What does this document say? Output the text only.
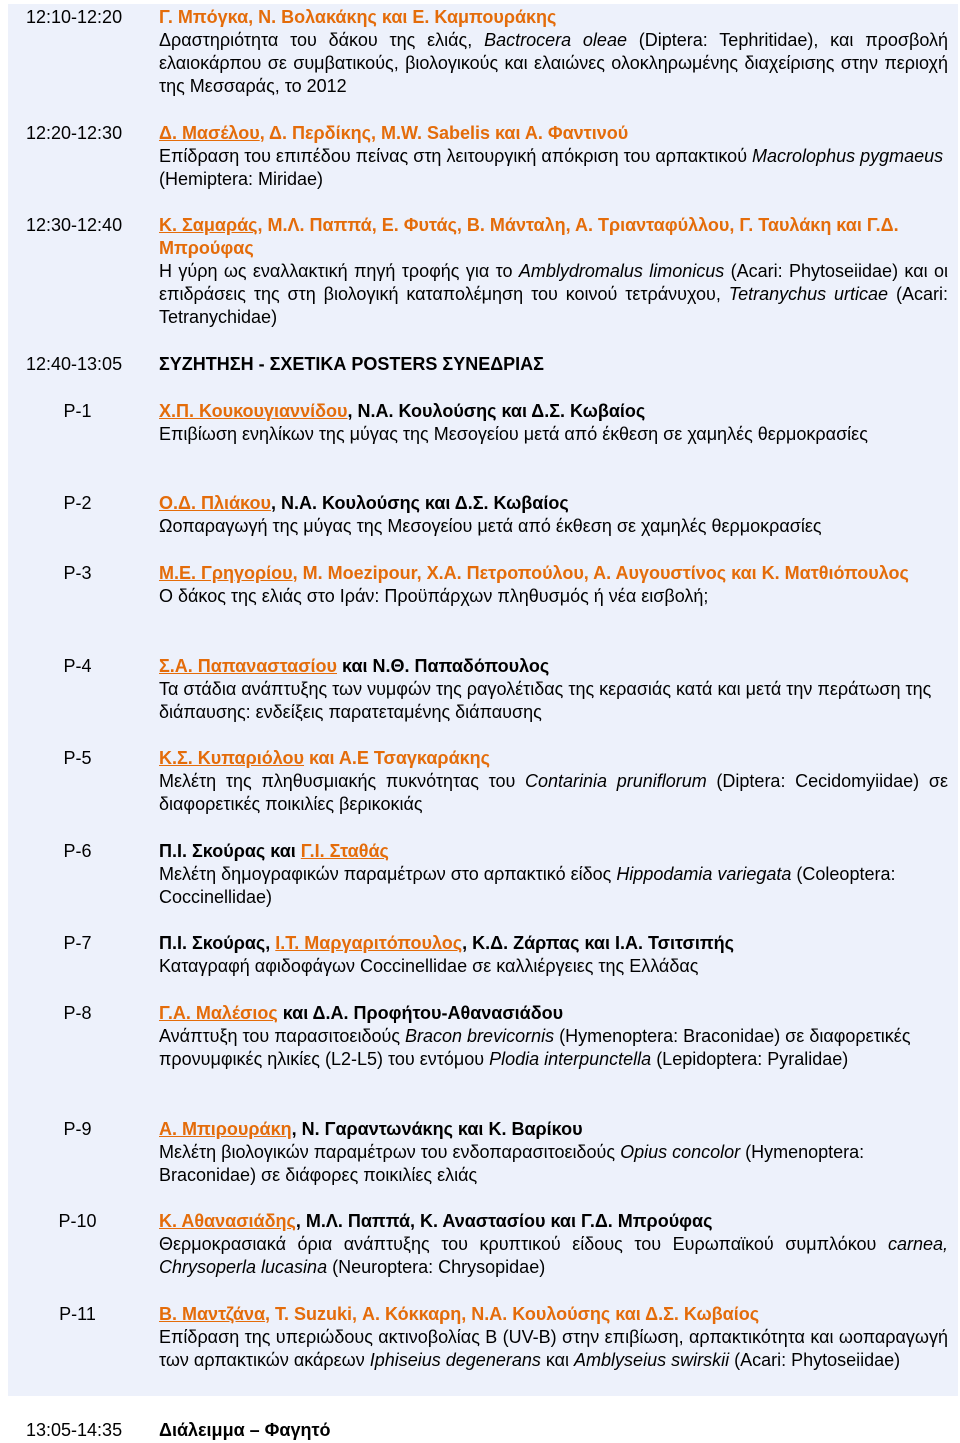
12:10-12:20	Γ. Μπόγκα, Ν. Βολακάκης και Ε. Καμπουράκης
Δραστηριότητα του δάκου της ελιάς, Bactrocera oleae (Diptera: Tephritidae), και προσβολή ελαιοκάρπου σε συμβατικούς, βιολογικούς και ελαιώνες ολοκληρωμένης διαχείρισης στην περιοχή της Μεσσαράς, το 2012
12:20-12:30	Δ. Μασέλου, Δ. Περδίκης, M.W. Sabelis και Α. Φαντινού
Επίδραση του επιπέδου πείνας στη λειτουργική απόκριση του αρπακτικού Macrolophus pygmaeus (Hemiptera: Miridae)
12:30-12:40	Κ. Σαμαράς, Μ.Λ. Παππά, Ε. Φυτάς, Β. Μάνταλη, Α. Τριανταφύλλου, Γ. Ταυλάκη και Γ.Δ. Μπρούφας
Η γύρη ως εναλλακτική πηγή τροφής για το Amblydromalus limonicus (Acari: Phytoseiidae) και οι επιδράσεις της στη βιολογική καταπολέμηση του κοινού τετράνυχου, Tetranychus urticae (Acari: Tetranychidae)
12:40-13:05	ΣΥΖΗΤΗΣΗ - ΣΧΕΤΙΚΑ POSTERS ΣΥΝΕΔΡΙΑΣ
P-1	Χ.Π. Κουκουγιαννίδου, Ν.Α. Κουλούσης και Δ.Σ. Κωβαίος
Επιβίωση ενηλίκων της μύγας της Μεσογείου μετά από έκθεση σε χαμηλές θερμοκρασίες
P-2	Ο.Δ. Πλιάκου, Ν.Α. Κουλούσης και Δ.Σ. Κωβαίος
Ωοπαραγωγή της μύγας της Μεσογείου μετά από έκθεση σε χαμηλές θερμοκρασίες
P-3	Μ.Ε. Γρηγορίου, M. Moezipour, Χ.Α. Πετροπούλου, Α. Αυγουστίνος και Κ. Ματθιόπουλος
Ο δάκος της ελιάς στο Ιράν: Προϋπάρχων πληθυσμός ή νέα εισβολή;
P-4	Σ.Α. Παπαναστασίου και Ν.Θ. Παπαδόπουλος
Τα στάδια ανάπτυξης των νυμφών της ραγολέτιδας της κερασιάς κατά και μετά την περάτωση της διάπαυσης: ενδείξεις παρατεταμένης διάπαυσης
P-5	Κ.Σ. Κυπαριόλου και Α.Ε Τσαγκαράκης
Μελέτη της πληθυσμιακής πυκνότητας του Contarinia pruniflorum (Diptera: Cecidomyiidae) σε διαφορετικές ποικιλίες βερικοκιάς
P-6	Π.Ι. Σκούρας και Γ.Ι. Σταθάς
Μελέτη δημογραφικών παραμέτρων στο αρπακτικό είδος Hippodamia variegata (Coleoptera: Coccinellidae)
P-7	Π.Ι. Σκούρας, Ι.Τ. Μαργαριτόπουλος, Κ.Δ. Ζάρπας και Ι.Α. Τσιτσιπής
Καταγραφή αφιδοφάγων Coccinellidae σε καλλιέργειες της Ελλάδας
P-8	Γ.Α. Μαλέσιος και Δ.Α. Προφήτου-Αθανασιάδου
Ανάπτυξη του παρασιτοειδούς Bracon brevicornis (Hymenoptera: Braconidae) σε διαφορετικές προνυμφικές ηλικίες (L2-L5) του εντόμου Plodia interpunctella (Lepidoptera: Pyralidae)
P-9	Α. Μπιρουράκη, Ν. Γαραντωνάκης και Κ. Βαρίκου
Μελέτη βιολογικών παραμέτρων του ενδοπαρασιτοειδούς Opius concolor (Hymenoptera: Braconidae) σε διάφορες ποικιλίες ελιάς
P-10	Κ. Αθανασιάδης, Μ.Λ. Παππά, Κ. Αναστασίου και Γ.Δ. Μπρούφας
Θερμοκρασιακά όρια ανάπτυξης του κρυπτικού είδους του Ευρωπαϊκού συμπλόκου carnea, Chrysoperla lucasina (Neuroptera: Chrysopidae)
P-11	Β. Μαντζάνα, T. Suzuki, Α. Κόκκαρη, Ν.Α. Κουλούσης και Δ.Σ. Κωβαίος
Επίδραση της υπεριώδους ακτινοβολίας Β (UV-B) στην επιβίωση, αρπακτικότητα και ωοπαραγωγή των αρπακτικών ακάρεων Iphiseius degenerans και Amblyseius swirskii (Acari: Phytoseiidae)
13:05-14:35	Διάλειμμα – Φαγητό
